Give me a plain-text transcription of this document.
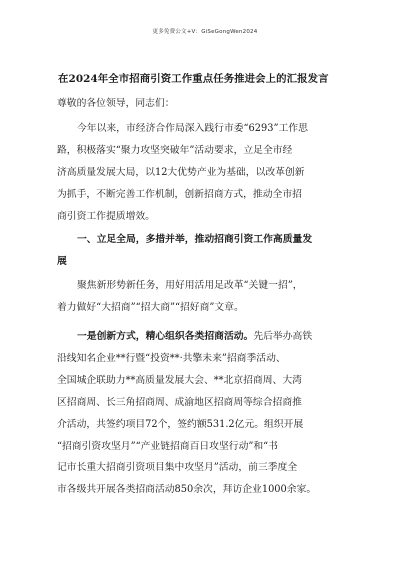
更多免费公文+V：GiSeGongWen2024
在2024年全市招商引资工作重点任务推进会上的汇报发言
尊敬的各位领导，同志们：
今年以来，市经济合作局深入践行市委“6293”工作思
路，积极落实“聚力攻坚突破年”活动要求，立足全市经
济高质量发展大局，以12大优势产业为基础，以改革创新
为抓手，不断完善工作机制，创新招商方式，推动全市招
商引资工作提质增效。
一、立足全局，多措并举，推动招商引资工作高质量发
展
聚焦新形势新任务，用好用活用足改革“关键一招”，
着力做好“大招商”“招大商”“招好商”文章。
一是创新方式，精心组织各类招商活动。先后举办高铁
沿线知名企业**行暨“投资**·共擎未来”招商季活动、
全国城企联助力**高质量发展大会、**北京招商周、大湾
区招商周、长三角招商周、成渝地区招商周等综合招商推
介活动，共签约项目72个，签约额531.2亿元。组织开展
“招商引资攻坚月”“产业链招商百日攻坚行动”和“书
记市长重大招商引资项目集中攻坚月”活动，前三季度全
市各级共开展各类招商活动850余次，拜访企业1000余家。
